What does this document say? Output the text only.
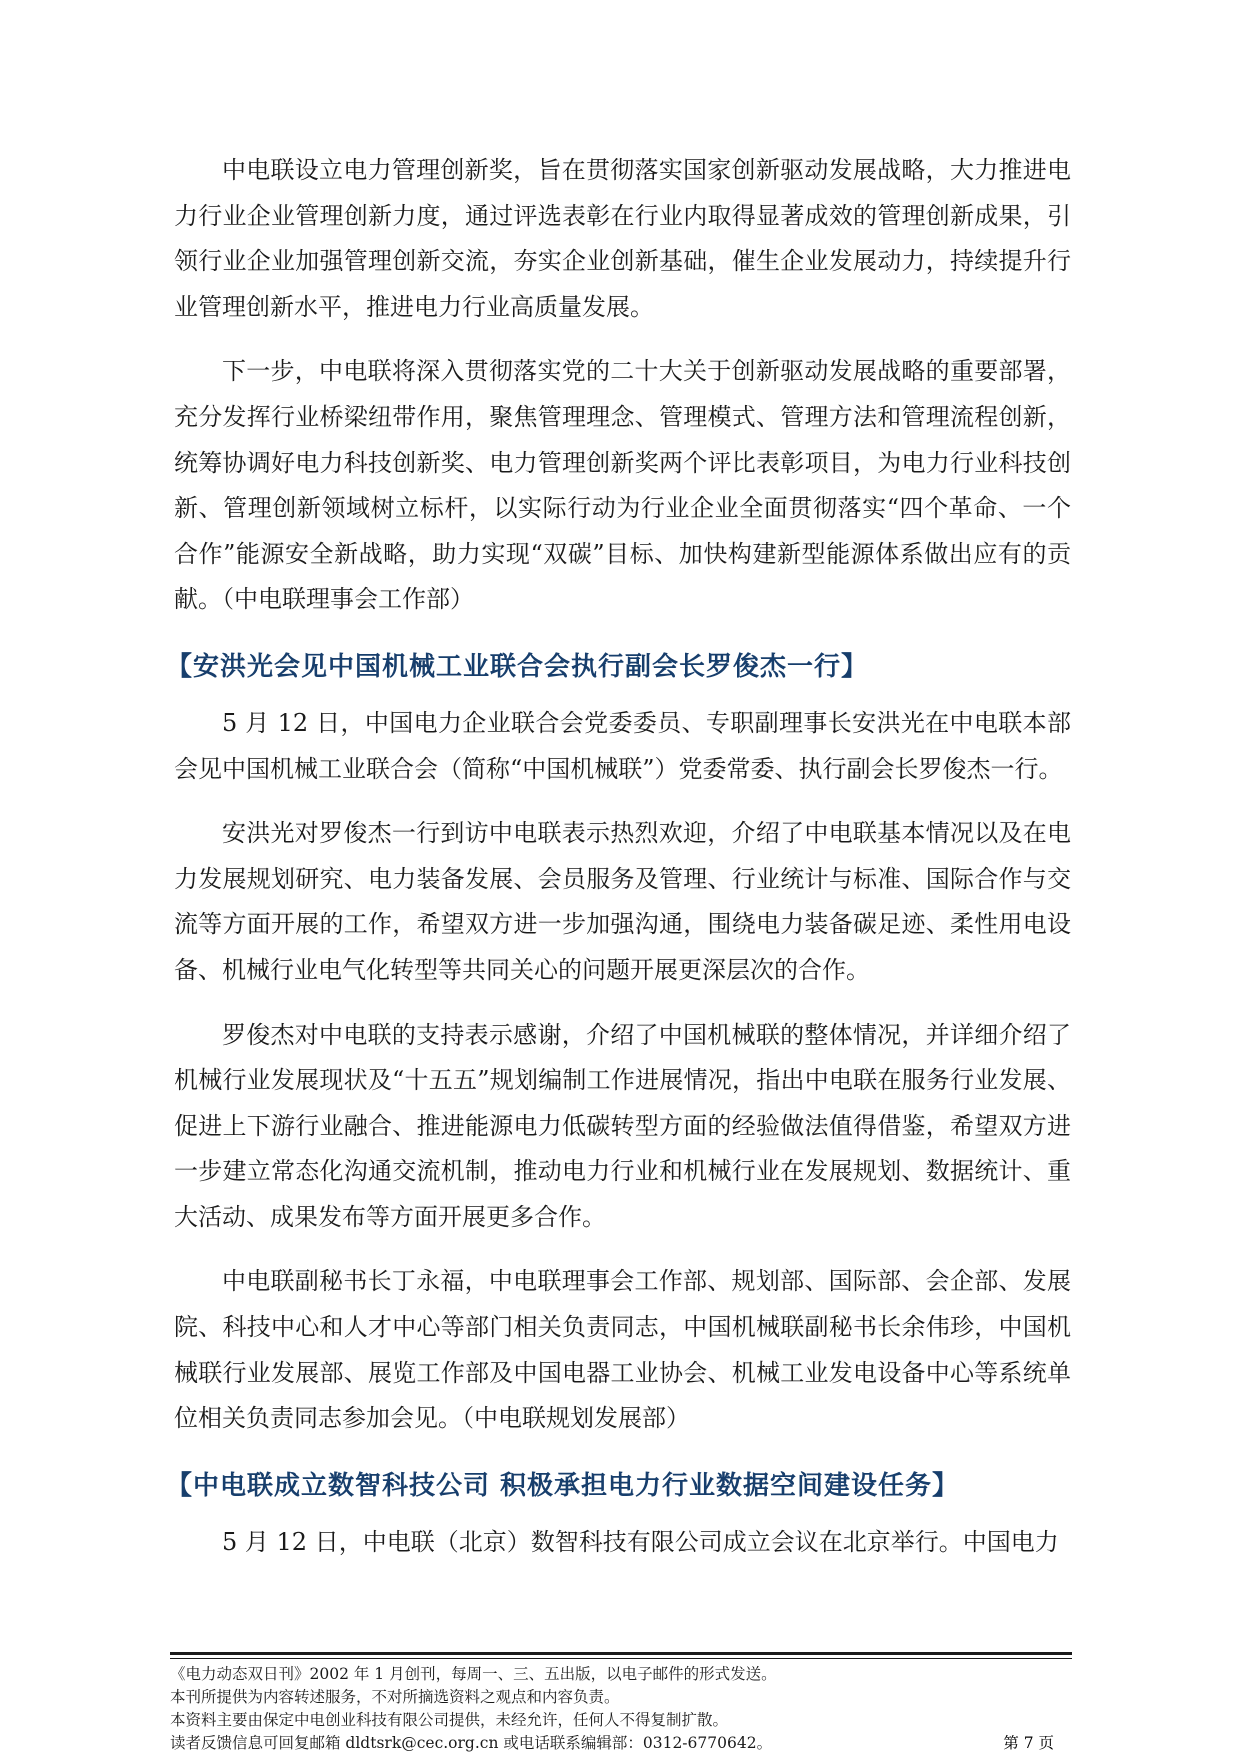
中电联设立电力管理创新奖，旨在贯彻落实国家创新驱动发展战略，大力推进电力行业企业管理创新力度，通过评选表彰在行业内取得显著成效的管理创新成果，引领行业企业加强管理创新交流，夯实企业创新基础，催生企业发展动力，持续提升行业管理创新水平，推进电力行业高质量发展。

下一步，中电联将深入贯彻落实党的二十大关于创新驱动发展战略的重要部署，充分发挥行业桥梁纽带作用，聚焦管理理念、管理模式、管理方法和管理流程创新，统筹协调好电力科技创新奖、电力管理创新奖两个评比表彰项目，为电力行业科技创新、管理创新领域树立标杆，以实际行动为行业企业全面贯彻落实“四个革命、一个合作”能源安全新战略，助力实现“双碳”目标、加快构建新型能源体系做出应有的贡献。（中电联理事会工作部）

【安洪光会见中国机械工业联合会执行副会长罗俊杰一行】

5 月 12 日，中国电力企业联合会党委委员、专职副理事长安洪光在中电联本部会见中国机械工业联合会（简称“中国机械联”）党委常委、执行副会长罗俊杰一行。

安洪光对罗俊杰一行到访中电联表示热烈欢迎，介绍了中电联基本情况以及在电力发展规划研究、电力装备发展、会员服务及管理、行业统计与标准、国际合作与交流等方面开展的工作，希望双方进一步加强沟通，围绕电力装备碳足迹、柔性用电设备、机械行业电气化转型等共同关心的问题开展更深层次的合作。

罗俊杰对中电联的支持表示感谢，介绍了中国机械联的整体情况，并详细介绍了机械行业发展现状及“十五五”规划编制工作进展情况，指出中电联在服务行业发展、促进上下游行业融合、推进能源电力低碳转型方面的经验做法值得借鉴，希望双方进一步建立常态化沟通交流机制，推动电力行业和机械行业在发展规划、数据统计、重大活动、成果发布等方面开展更多合作。

中电联副秘书长丁永福，中电联理事会工作部、规划部、国际部、会企部、发展院、科技中心和人才中心等部门相关负责同志，中国机械联副秘书长余伟珍，中国机械联行业发展部、展览工作部及中国电器工业协会、机械工业发电设备中心等系统单位相关负责同志参加会见。（中电联规划发展部）

【中电联成立数智科技公司 积极承担电力行业数据空间建设任务】

5 月 12 日，中电联（北京）数智科技有限公司成立会议在北京举行。中国电力

《电力动态双日刊》2002 年 1 月创刊，每周一、三、五出版，以电子邮件的形式发送。
本刊所提供为内容转述服务，不对所摘选资料之观点和内容负责。
本资料主要由保定中电创业科技有限公司提供，未经允许，任何人不得复制扩散。
读者反馈信息可回复邮箱 dldtsrk@cec.org.cn 或电话联系编辑部：0312-6770642。	第 7 页
